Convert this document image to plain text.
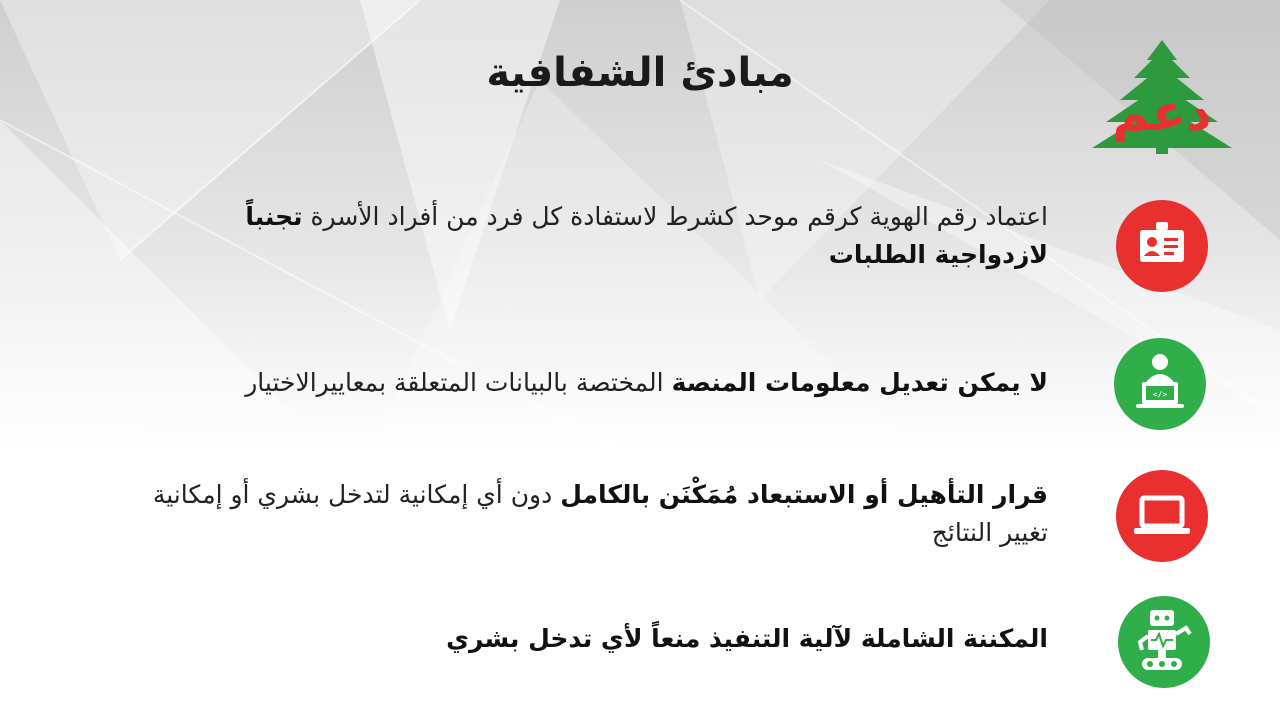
دعم
مبادئ الشفافية
اعتماد رقم الهوية كرقم موحد كشرط لاستفادة كل فرد من أفراد الأسرة تجنباً
لازدواجية الطلبات
لا يمكن تعديل معلومات المنصة المختصة بالبيانات المتعلقة بمعاييرالاختيار	</>
قرار التأهيل أو الاستبعاد مُمَكْنَن بالكامل دون أي إمكانية لتدخل بشري أو إمكانية
تغيير النتائج
المكننة الشاملة لآلية التنفيذ منعاً لأي تدخل بشري
